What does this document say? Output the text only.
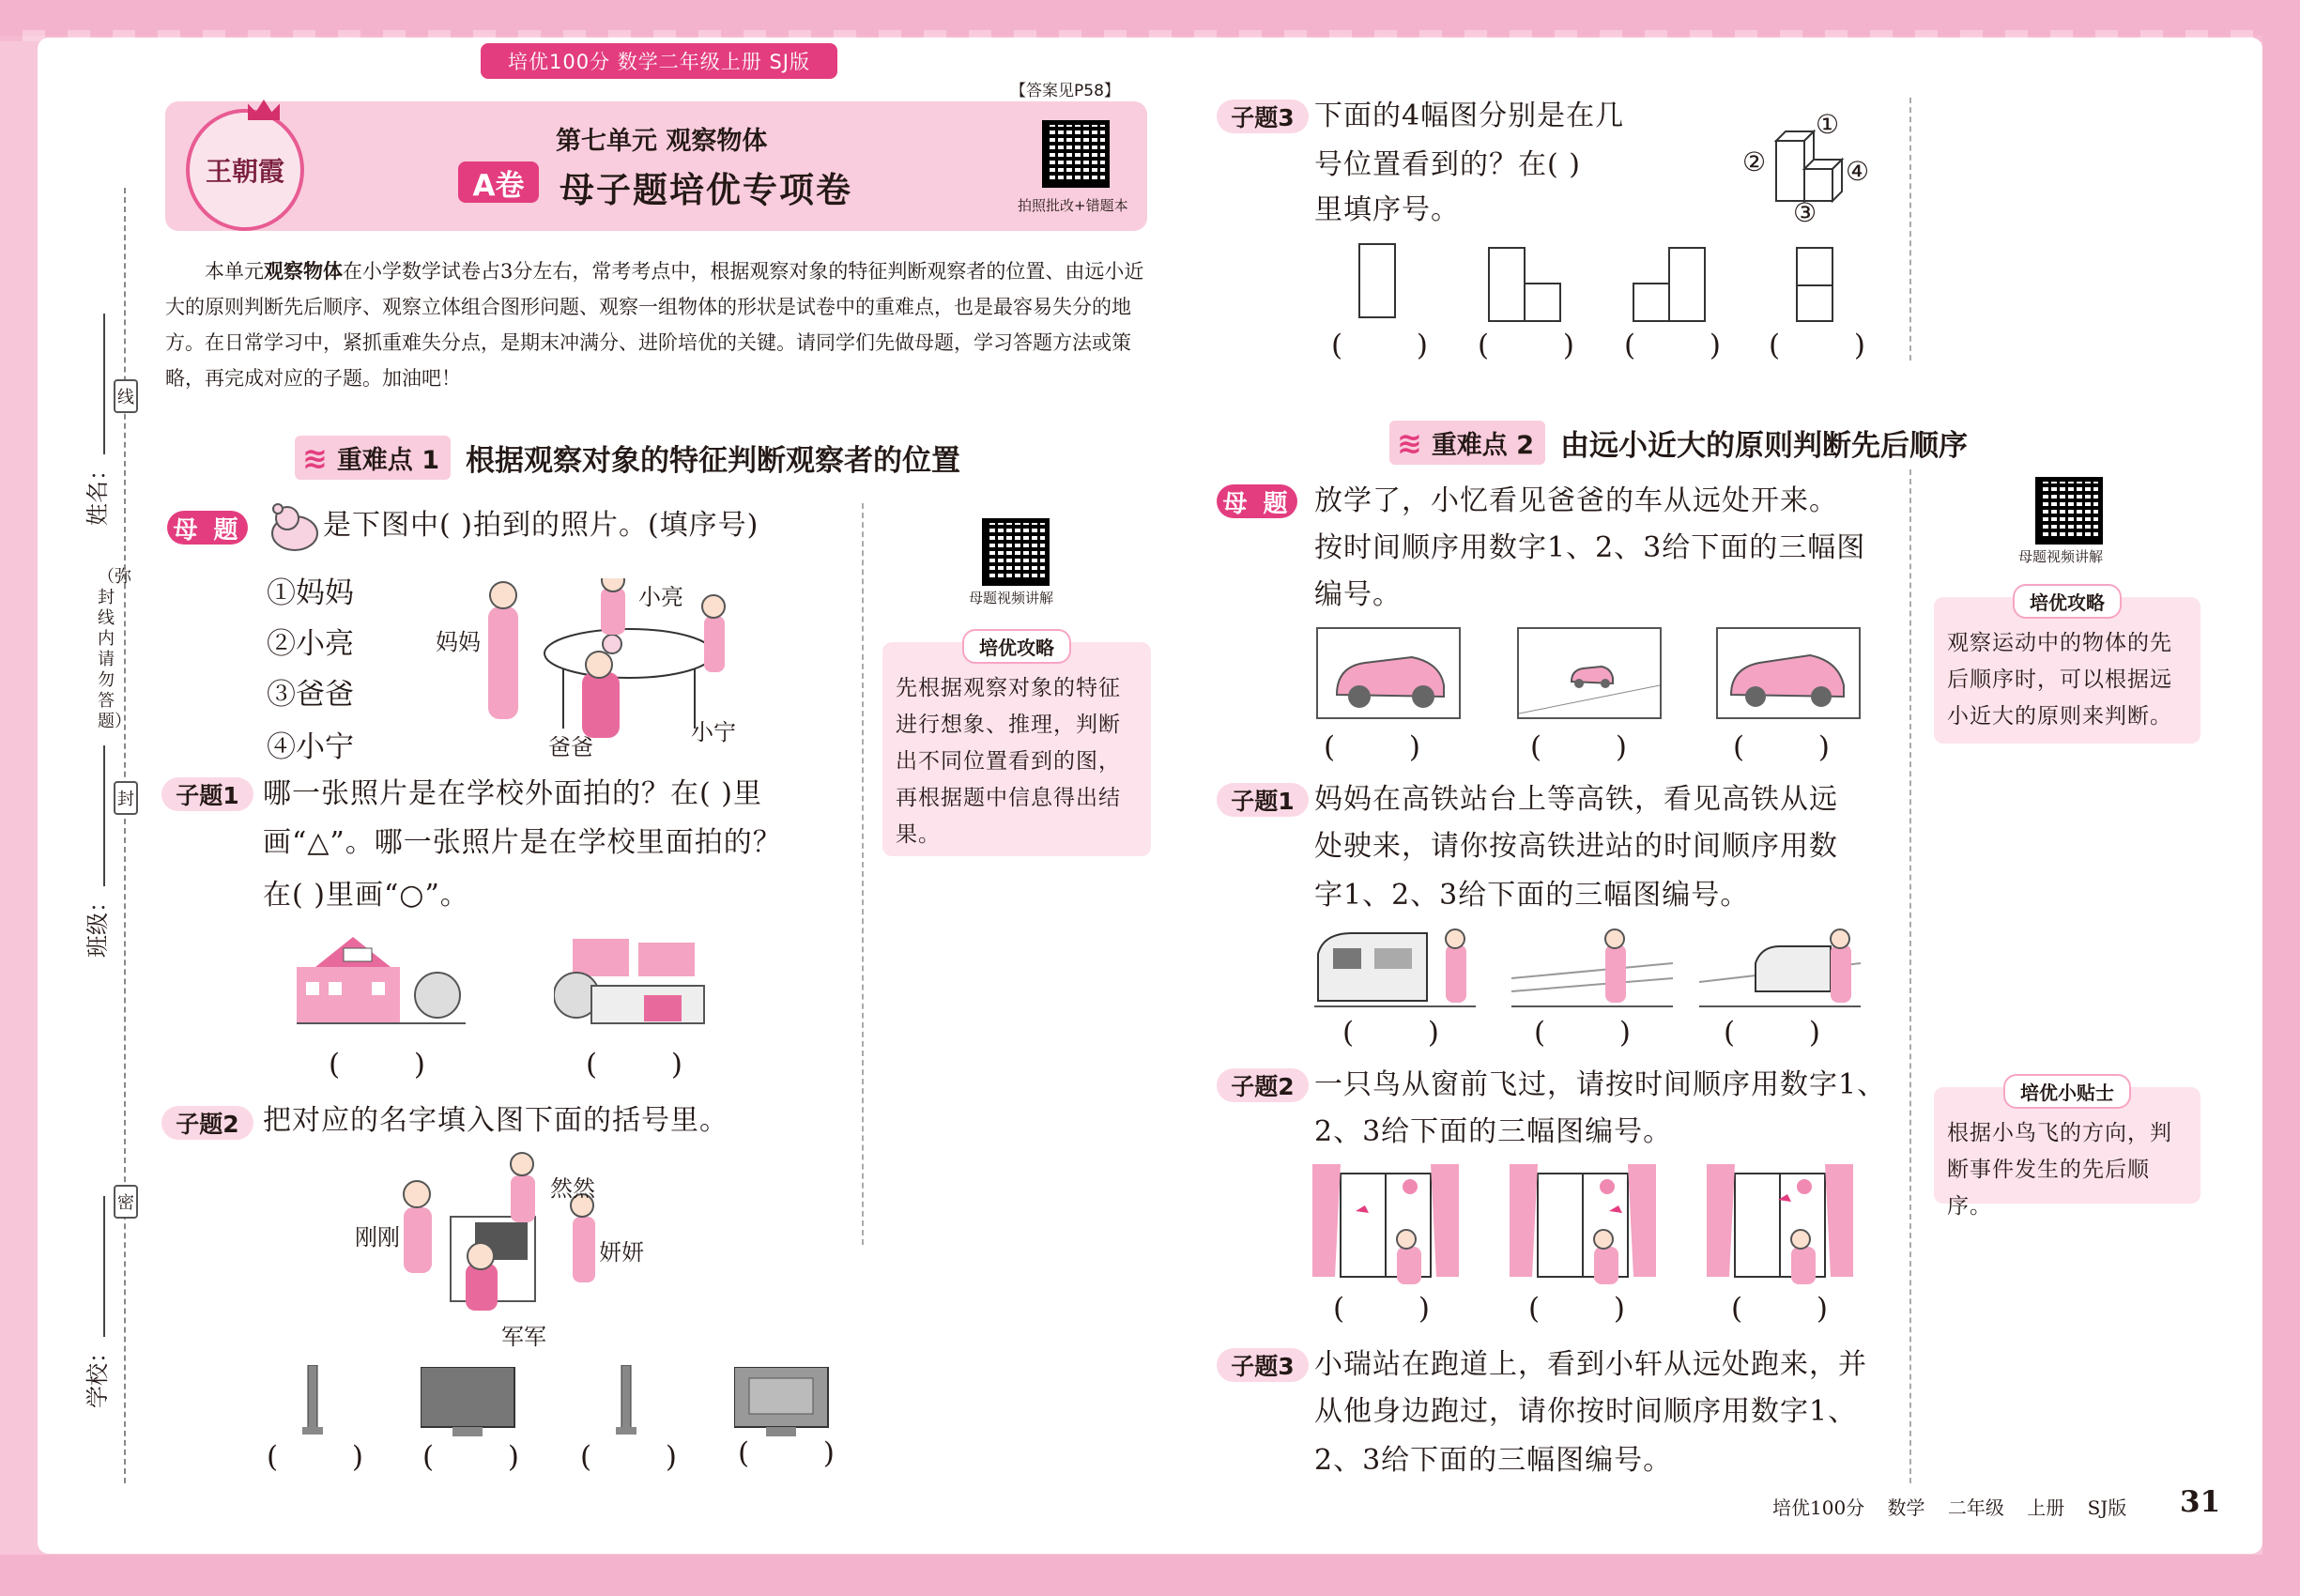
培优100分 数学二年级上册 SJ版
【答案见P58】
王朝霞
第七单元 观察物体
A卷	母子题培优专项卷	拍照批改+错题本
本单元观察物体在小学数学试卷占3分左右，常考考点中，根据观察对象的特征判断观察者的位置、由远小近大的原则判断先后顺序、观察立体组合图形问题、观察一组物体的形状是试卷中的重难点，也是最容易失分的地方。在日常学习中，紧抓重难失分点，是期末冲满分、进阶培优的关键。请同学们先做母题，学习答题方法或策略，再完成对应的子题。加油吧！
姓名：
班级：
学校：
线
封
密
（弥封线内请勿答题）
≋ 重难点 1 根据观察对象的特征判断观察者的位置
母 题	是下图中( )拍到的照片。(填序号)
①妈妈
②小亮
③爸爸
④小宁
小亮
妈妈
爸爸
小宁
母题视频讲解
培优攻略
先根据观察对象的特征进行想象、推理，判断出不同位置看到的图，再根据题中信息得出结果。
子题1 哪一张照片是在学校外面拍的？在( )里
画“△”。哪一张照片是在学校里面拍的？
在( )里画“○”。
(        )	(        )
子题2 把对应的名字填入图下面的括号里。
然然
刚刚
妍妍
军军
(        ) (        ) (        ) (        )
子题3 下面的4幅图分别是在几
号位置看到的？在( )
里填序号。
①
②
③
④
(        ) (        ) (        ) (        )
≋ 重难点 2 由远小近大的原则判断先后顺序
母 题 放学了，小忆看见爸爸的车从远处开来。
按时间顺序用数字1、2、3给下面的三幅图
编号。
(        )	(        )	(        )
母题视频讲解
培优攻略
观察运动中的物体的先后顺序时，可以根据远小近大的原则来判断。
子题1 妈妈在高铁站台上等高铁，看见高铁从远
处驶来，请你按高铁进站的时间顺序用数
字1、2、3给下面的三幅图编号。
(        )	(        )	(        )
子题2 一只鸟从窗前飞过，请按时间顺序用数字1、
2、3给下面的三幅图编号。
(        )	(        )	(        )
培优小贴士
根据小鸟飞的方向，判断事件发生的先后顺序。
子题3 小瑞站在跑道上，看到小轩从远处跑来，并
从他身边跑过，请你按时间顺序用数字1、
2、3给下面的三幅图编号。
培优100分 数学 二年级 上册 SJ版 31
